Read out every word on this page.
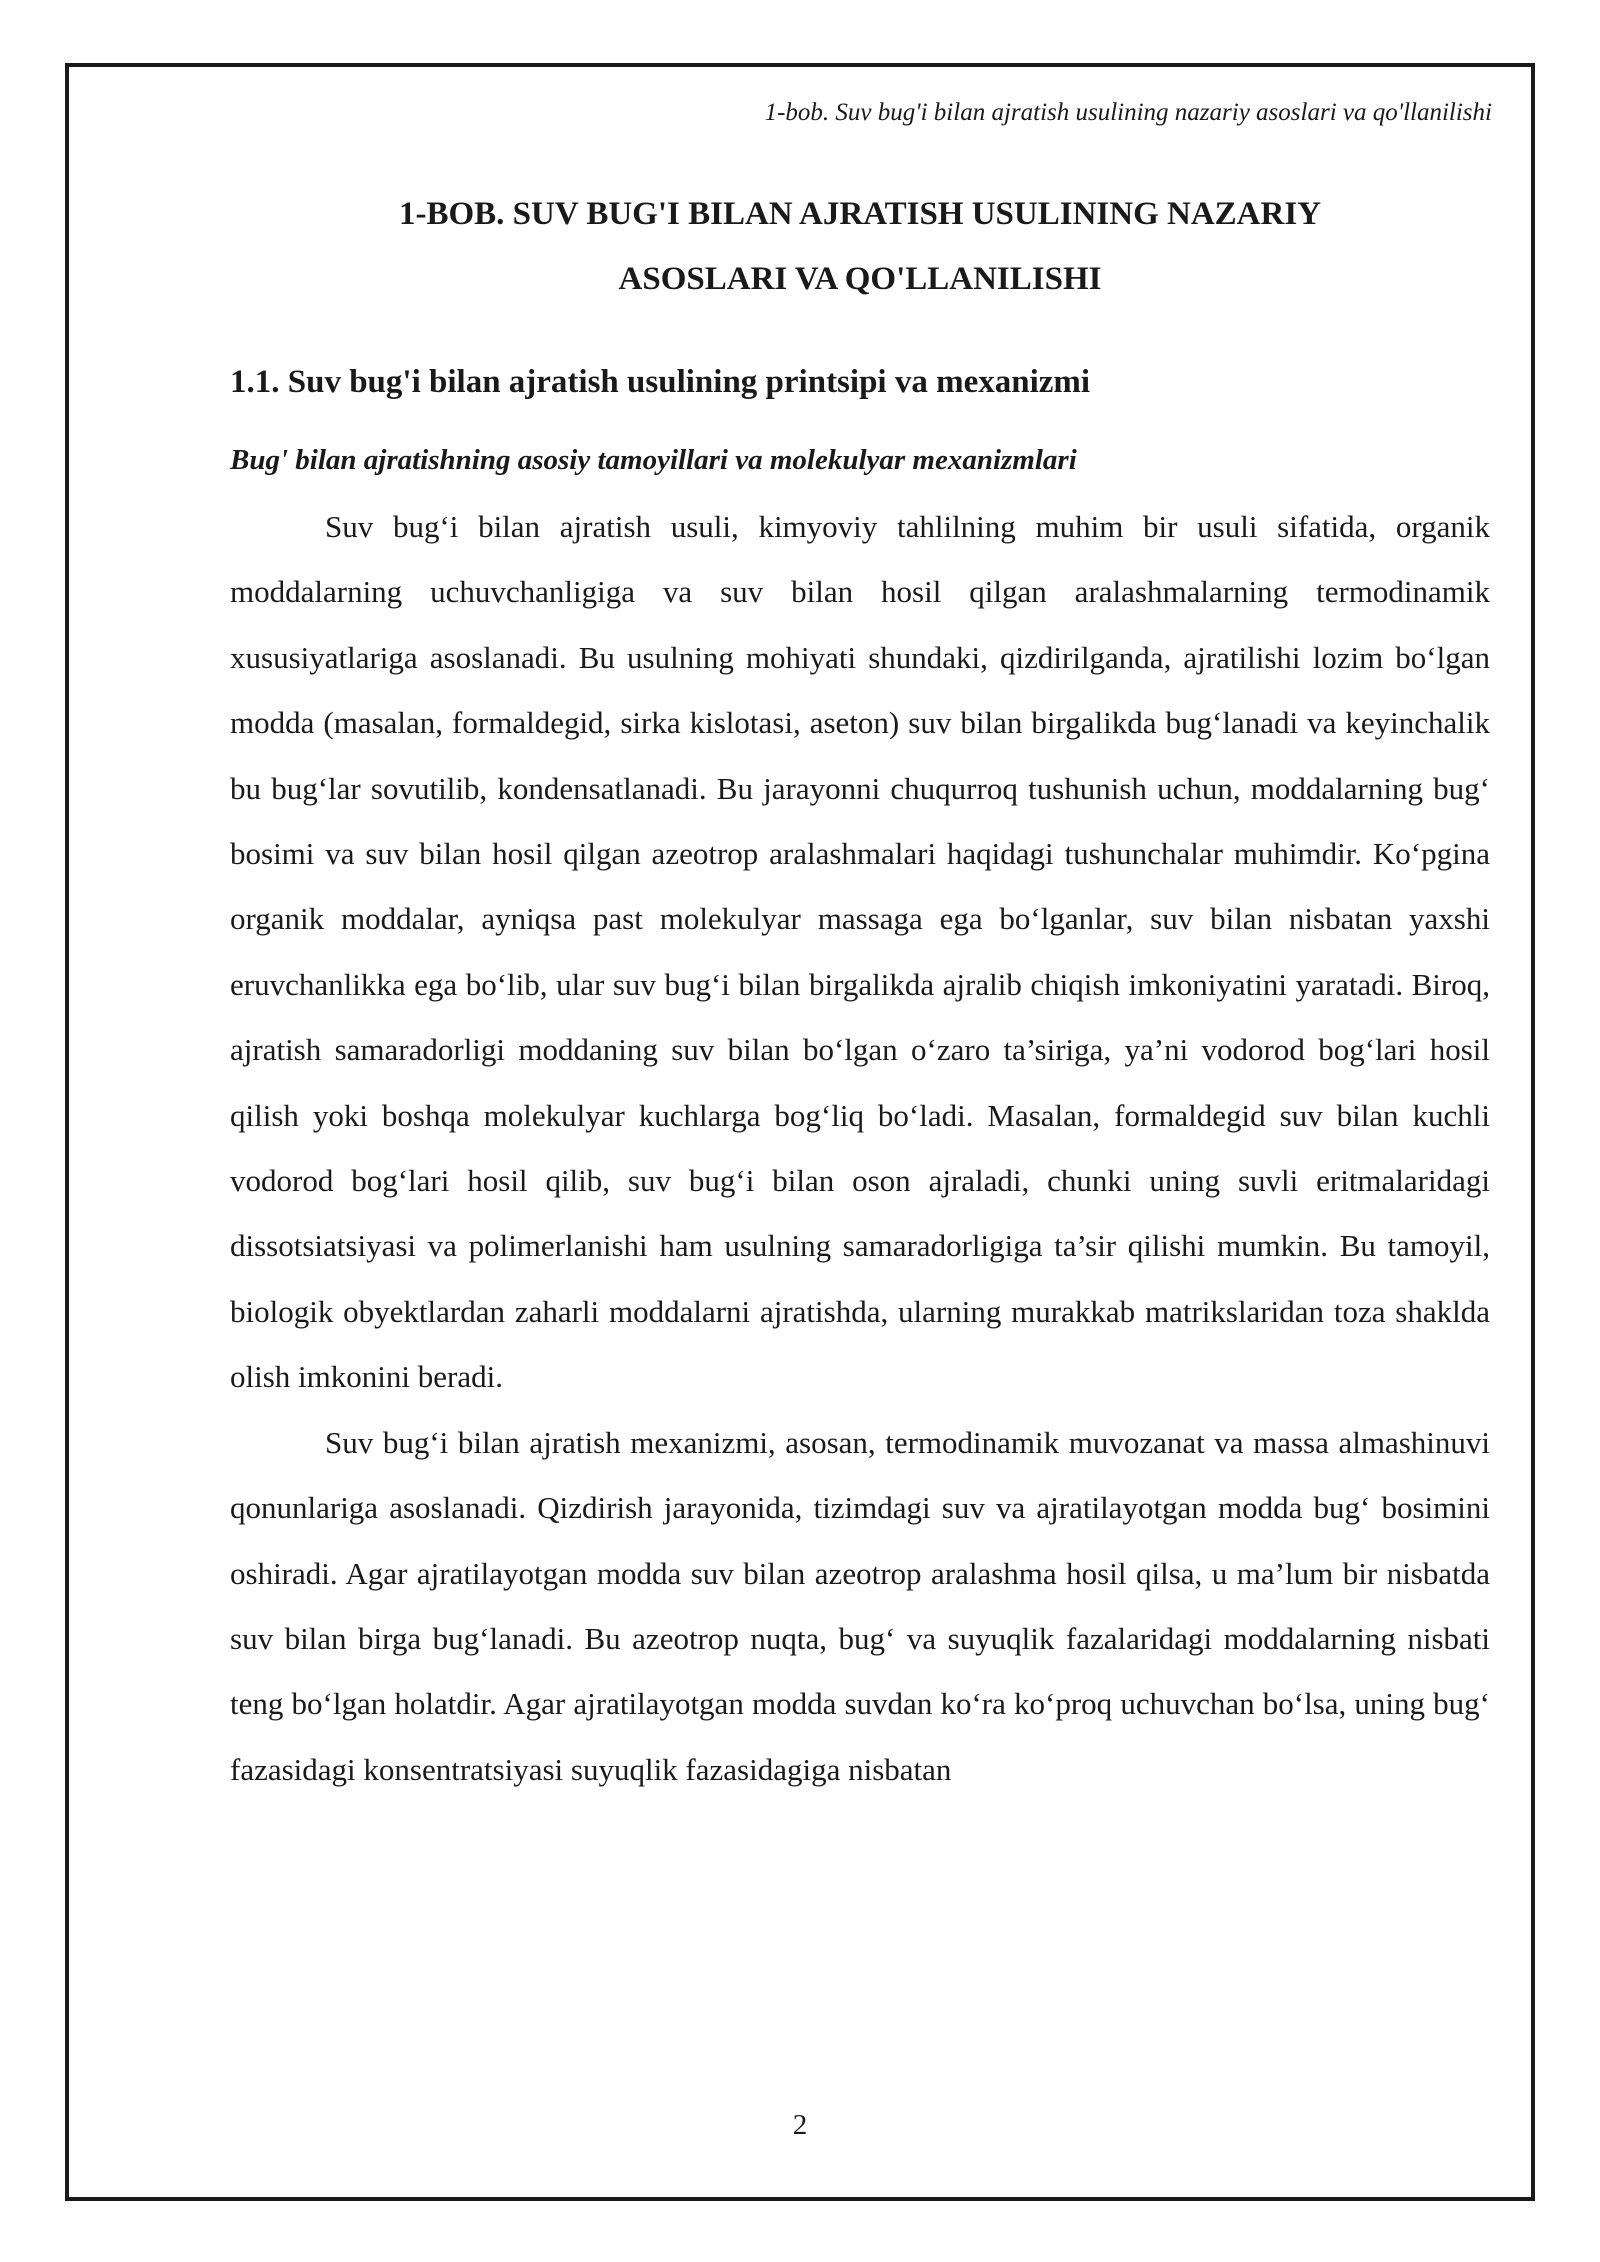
1-bob. Suv bug'i bilan ajratish usulining nazariy asoslari va qo'llanilishi
1-BOB. SUV BUG'I BILAN AJRATISH USULINING NAZARIY
ASOSLARI VA QO'LLANILISHI
1.1. Suv bug'i bilan ajratish usulining printsipi va mexanizmi
Bug' bilan ajratishning asosiy tamoyillari va molekulyar mexanizmlari

Suv bug‘i bilan ajratish usuli, kimyoviy tahlilning muhim bir usuli sifatida, organik moddalarning uchuvchanligiga va suv bilan hosil qilgan aralashmalarning termodinamik xususiyatlariga asoslanadi. Bu usulning mohiyati shundaki, qizdirilganda, ajratilishi lozim bo‘lgan modda (masalan, formaldegid, sirka kislotasi, aseton) suv bilan birgalikda bug‘lanadi va keyinchalik bu bug‘lar sovutilib, kondensatlanadi. Bu jarayonni chuqurroq tushunish uchun, moddalarning bug‘ bosimi va suv bilan hosil qilgan azeotrop aralashmalari haqidagi tushunchalar muhimdir. Ko‘pgina organik moddalar, ayniqsa past molekulyar massaga ega bo‘lganlar, suv bilan nisbatan yaxshi eruvchanlikka ega bo‘lib, ular suv bug‘i bilan birgalikda ajralib chiqish imkoniyatini yaratadi. Biroq, ajratish samaradorligi moddaning suv bilan bo‘lgan o‘zaro ta’siriga, ya’ni vodorod bog‘lari hosil qilish yoki boshqa molekulyar kuchlarga bog‘liq bo‘ladi. Masalan, formaldegid suv bilan kuchli vodorod bog‘lari hosil qilib, suv bug‘i bilan oson ajraladi, chunki uning suvli eritmalaridagi dissotsiatsiyasi va polimerlanishi ham usulning samaradorligiga ta’sir qilishi mumkin. Bu tamoyil, biologik obyektlardan zaharli moddalarni ajratishda, ularning murakkab matrikslaridan toza shaklda olish imkonini beradi.

Suv bug‘i bilan ajratish mexanizmi, asosan, termodinamik muvozanat va massa almashinuvi qonunlariga asoslanadi. Qizdirish jarayonida, tizimdagi suv va ajratilayotgan modda bug‘ bosimini oshiradi. Agar ajratilayotgan modda suv bilan azeotrop aralashma hosil qilsa, u ma’lum bir nisbatda suv bilan birga bug‘lanadi. Bu azeotrop nuqta, bug‘ va suyuqlik fazalaridagi moddalarning nisbati teng bo‘lgan holatdir. Agar ajratilayotgan modda suvdan ko‘ra ko‘proq uchuvchan bo‘lsa, uning bug‘ fazasidagi konsentratsiyasi suyuqlik fazasidagiga nisbatan

2
